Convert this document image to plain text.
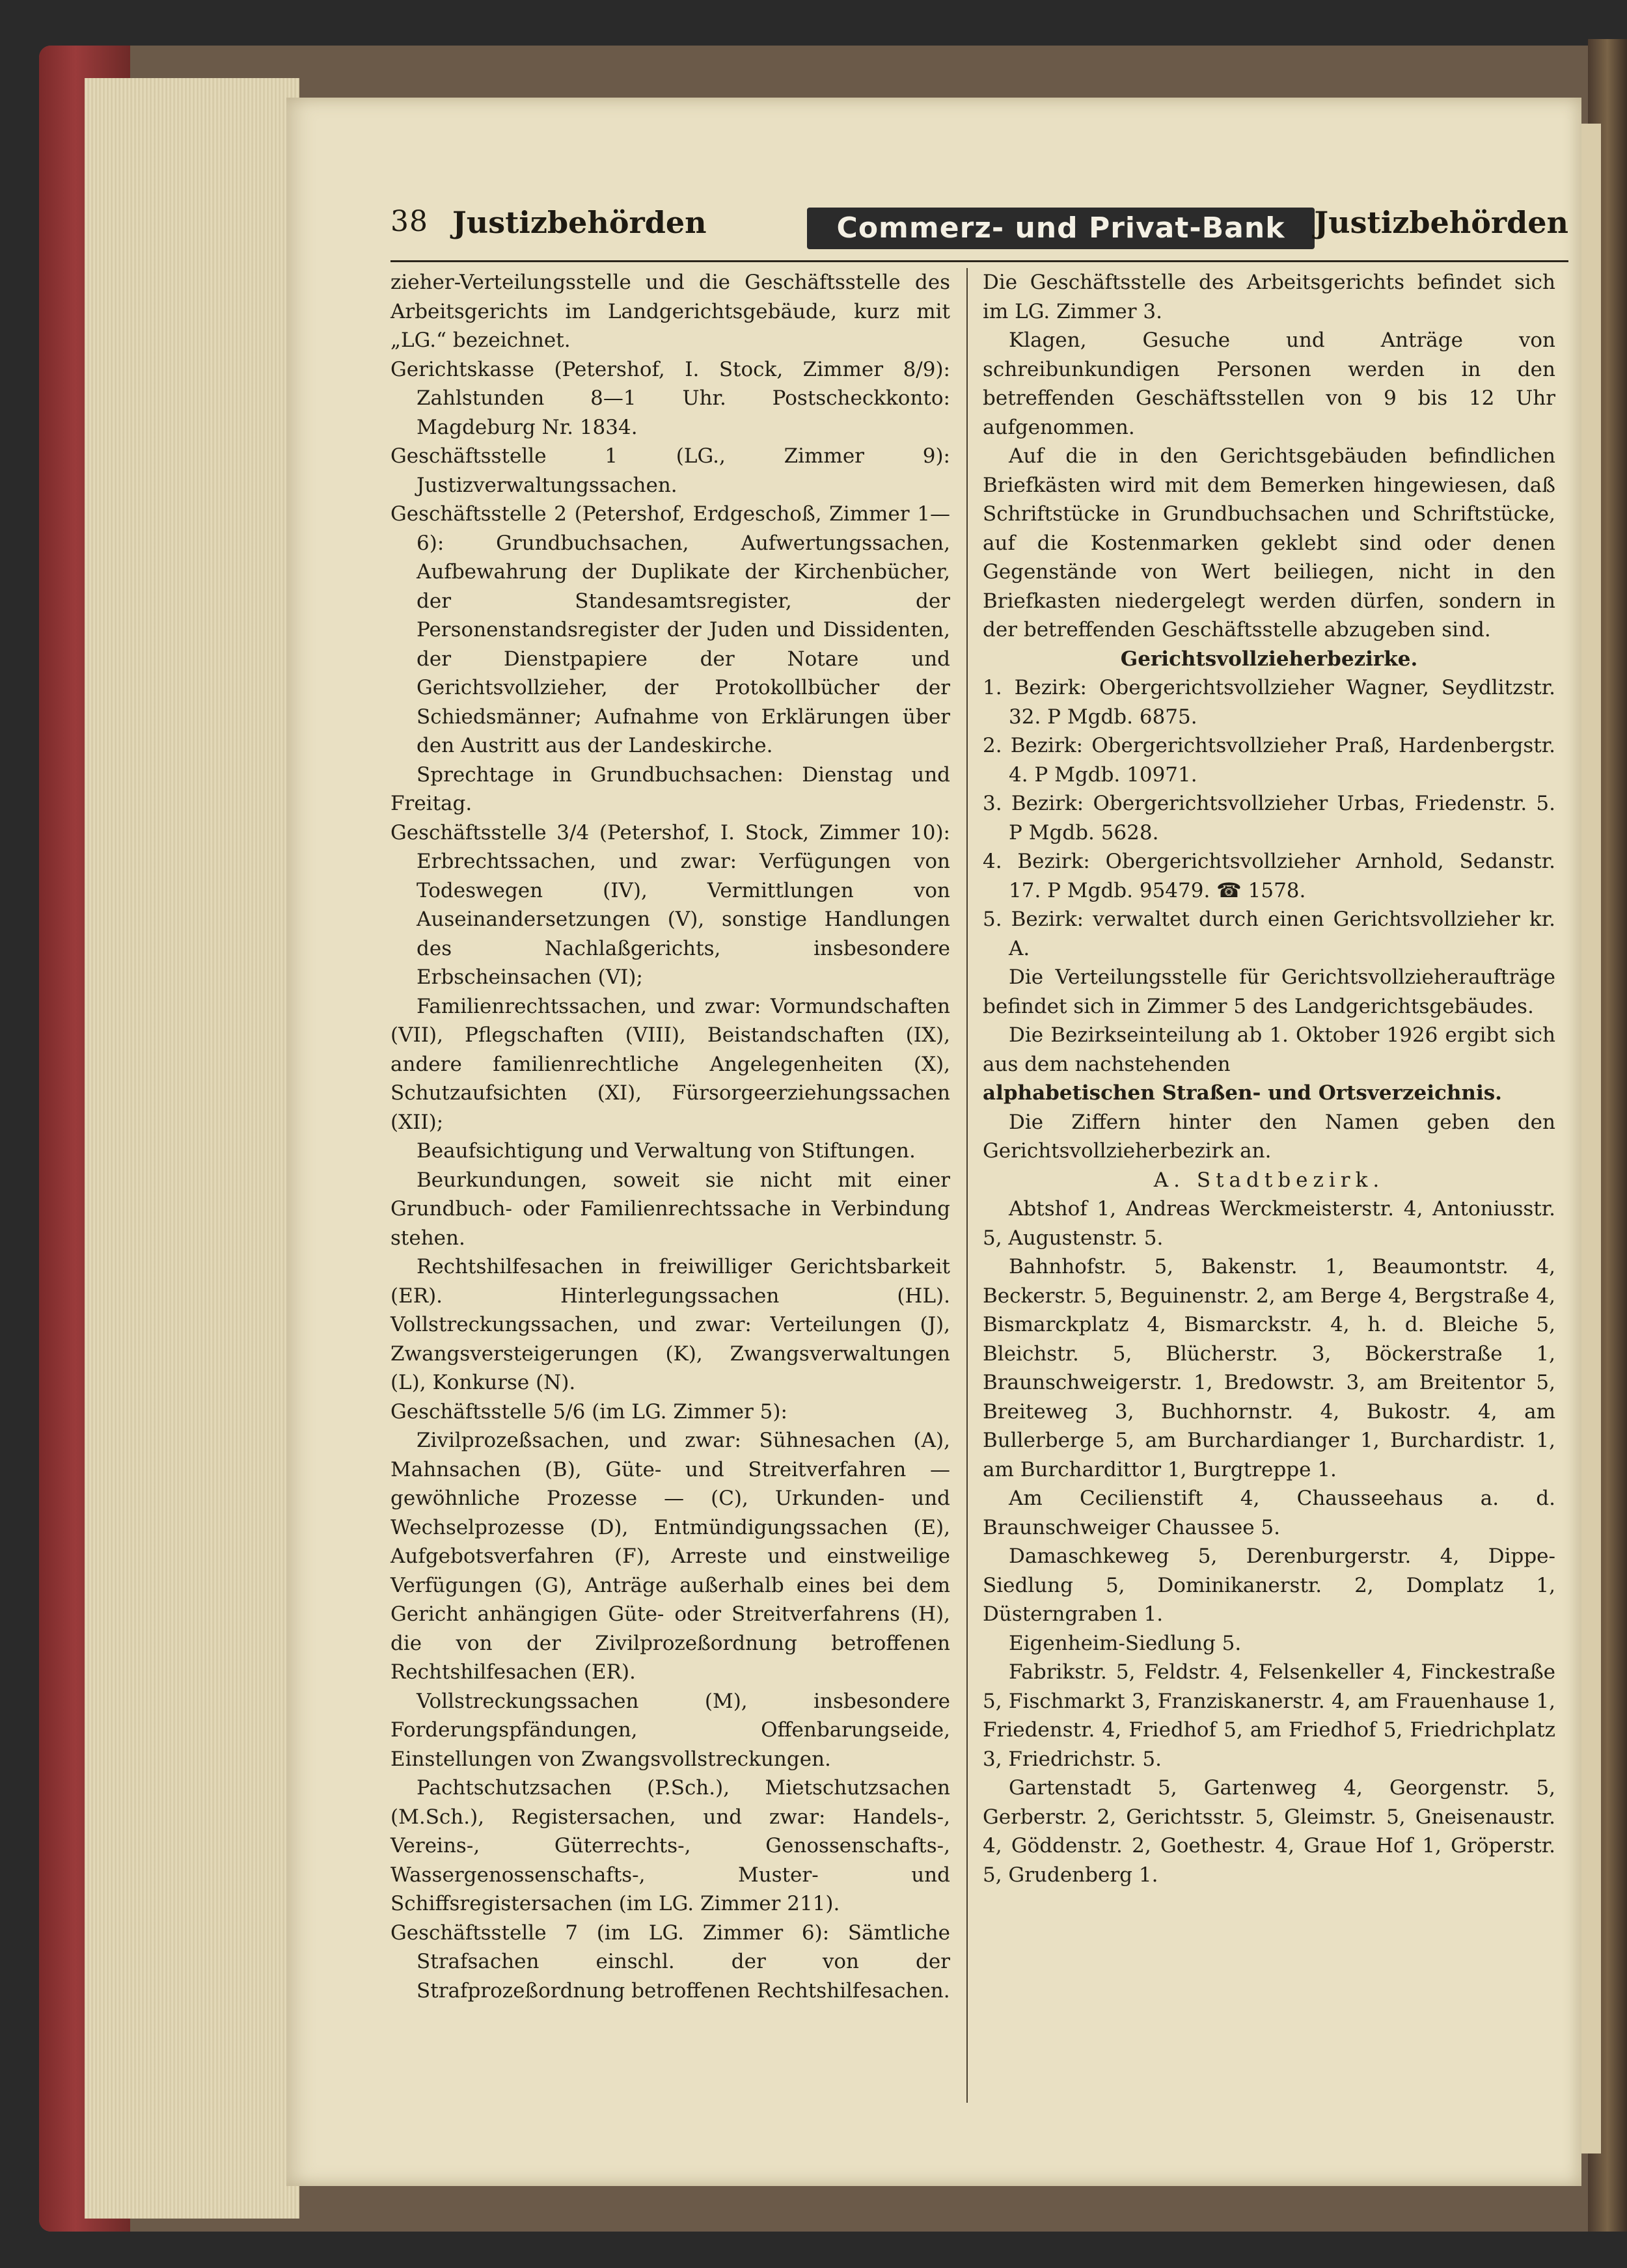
38 Justizbehörden	Commerz- und Privat-Bank Justizbehörden

zieher-Verteilungsstelle und die Geschäftsstelle des Arbeitsgerichts im Landgerichtsgebäude, kurz mit „LG.“ bezeichnet.

Gerichtskasse (Petershof, I. Stock, Zimmer 8/9): Zahlstunden 8—1 Uhr. Postscheckkonto: Magdeburg Nr. 1834.

Geschäftsstelle 1 (LG., Zimmer 9): Justizverwaltungssachen.

Geschäftsstelle 2 (Petershof, Erdgeschoß, Zimmer 1—6): Grundbuchsachen, Aufwertungssachen, Aufbewahrung der Duplikate der Kirchenbücher, der Standesamtsregister, der Personenstandsregister der Juden und Dissidenten, der Dienstpapiere der Notare und Gerichtsvollzieher, der Protokollbücher der Schiedsmänner; Aufnahme von Erklärungen über den Austritt aus der Landeskirche.

Sprechtage in Grundbuchsachen: Dienstag und Freitag.

Geschäftsstelle 3/4 (Petershof, I. Stock, Zimmer 10): Erbrechtssachen, und zwar: Verfügungen von Todeswegen (IV), Vermittlungen von Auseinandersetzungen (V), sonstige Handlungen des Nachlaßgerichts, insbesondere Erbscheinsachen (VI);

Familienrechtssachen, und zwar: Vormundschaften (VII), Pflegschaften (VIII), Beistandschaften (IX), andere familienrechtliche Angelegenheiten (X), Schutzaufsichten (XI), Fürsorgeerziehungssachen (XII);

Beaufsichtigung und Verwaltung von Stiftungen.

Beurkundungen, soweit sie nicht mit einer Grundbuch- oder Familienrechtssache in Verbindung stehen.

Rechtshilfesachen in freiwilliger Gerichtsbarkeit (ER). Hinterlegungssachen (HL). Vollstreckungssachen, und zwar: Verteilungen (J), Zwangsversteigerungen (K), Zwangsverwaltungen (L), Konkurse (N).

Geschäftsstelle 5/6 (im LG. Zimmer 5):

Zivilprozeßsachen, und zwar: Sühnesachen (A), Mahnsachen (B), Güte- und Streitverfahren — gewöhnliche Prozesse — (C), Urkunden- und Wechselprozesse (D), Entmündigungssachen (E), Aufgebotsverfahren (F), Arreste und einstweilige Verfügungen (G), Anträge außerhalb eines bei dem Gericht anhängigen Güte- oder Streitverfahrens (H), die von der Zivilprozeßordnung betroffenen Rechtshilfesachen (ER).

Vollstreckungssachen (M), insbesondere Forderungspfändungen, Offenbarungseide, Einstellungen von Zwangsvollstreckungen.

Pachtschutzsachen (P.Sch.), Mietschutzsachen (M.Sch.), Registersachen, und zwar: Handels-, Vereins-, Güterrechts-, Genossenschafts-, Wassergenossenschafts-, Muster- und Schiffsregistersachen (im LG. Zimmer 211).

Geschäftsstelle 7 (im LG. Zimmer 6): Sämtliche Strafsachen einschl. der von der Strafprozeßordnung betroffenen Rechtshilfesachen.

Die Geschäftsstelle des Arbeitsgerichts befindet sich im LG. Zimmer 3.

Klagen, Gesuche und Anträge von schreibunkundigen Personen werden in den betreffenden Geschäftsstellen von 9 bis 12 Uhr aufgenommen.

Auf die in den Gerichtsgebäuden befindlichen Briefkästen wird mit dem Bemerken hingewiesen, daß Schriftstücke in Grundbuchsachen und Schriftstücke, auf die Kostenmarken geklebt sind oder denen Gegenstände von Wert beiliegen, nicht in den Briefkasten niedergelegt werden dürfen, sondern in der betreffenden Geschäftsstelle abzugeben sind.

Gerichtsvollzieherbezirke.

1. Bezirk: Obergerichtsvollzieher Wagner, Seydlitzstr. 32. P Mgdb. 6875.

2. Bezirk: Obergerichtsvollzieher Praß, Hardenbergstr. 4. P Mgdb. 10971.

3. Bezirk: Obergerichtsvollzieher Urbas, Friedenstr. 5. P Mgdb. 5628.

4. Bezirk: Obergerichtsvollzieher Arnhold, Sedanstr. 17. P Mgdb. 95479. ☎ 1578.

5. Bezirk: verwaltet durch einen Gerichtsvollzieher kr. A.

Die Verteilungsstelle für Gerichtsvollzieheraufträge befindet sich in Zimmer 5 des Landgerichtsgebäudes.

Die Bezirkseinteilung ab 1. Oktober 1926 ergibt sich aus dem nachstehenden

alphabetischen Straßen- und Ortsverzeichnis.

Die Ziffern hinter den Namen geben den Gerichtsvollzieherbezirk an.

A. Stadtbezirk.

Abtshof 1, Andreas Werckmeisterstr. 4, Antoniusstr. 5, Augustenstr. 5.

Bahnhofstr. 5, Bakenstr. 1, Beaumontstr. 4, Beckerstr. 5, Beguinenstr. 2, am Berge 4, Bergstraße 4, Bismarckplatz 4, Bismarckstr. 4, h. d. Bleiche 5, Bleichstr. 5, Blücherstr. 3, Böckerstraße 1, Braunschweigerstr. 1, Bredowstr. 3, am Breitentor 5, Breiteweg 3, Buchhornstr. 4, Bukostr. 4, am Bullerberge 5, am Burchardianger 1, Burchardistr. 1, am Burchardittor 1, Burgtreppe 1.

Am Cecilienstift 4, Chausseehaus a. d. Braunschweiger Chaussee 5.

Damaschkeweg 5, Derenburgerstr. 4, Dippe-Siedlung 5, Dominikanerstr. 2, Domplatz 1, Düsterngraben 1.

Eigenheim-Siedlung 5.

Fabrikstr. 5, Feldstr. 4, Felsenkeller 4, Finckestraße 5, Fischmarkt 3, Franziskanerstr. 4, am Frauenhause 1, Friedenstr. 4, Friedhof 5, am Friedhof 5, Friedrichplatz 3, Friedrichstr. 5.

Gartenstadt 5, Gartenweg 4, Georgenstr. 5, Gerberstr. 2, Gerichtsstr. 5, Gleimstr. 5, Gneisenaustr. 4, Göddenstr. 2, Goethestr. 4, Graue Hof 1, Gröperstr. 5, Grudenberg 1.
